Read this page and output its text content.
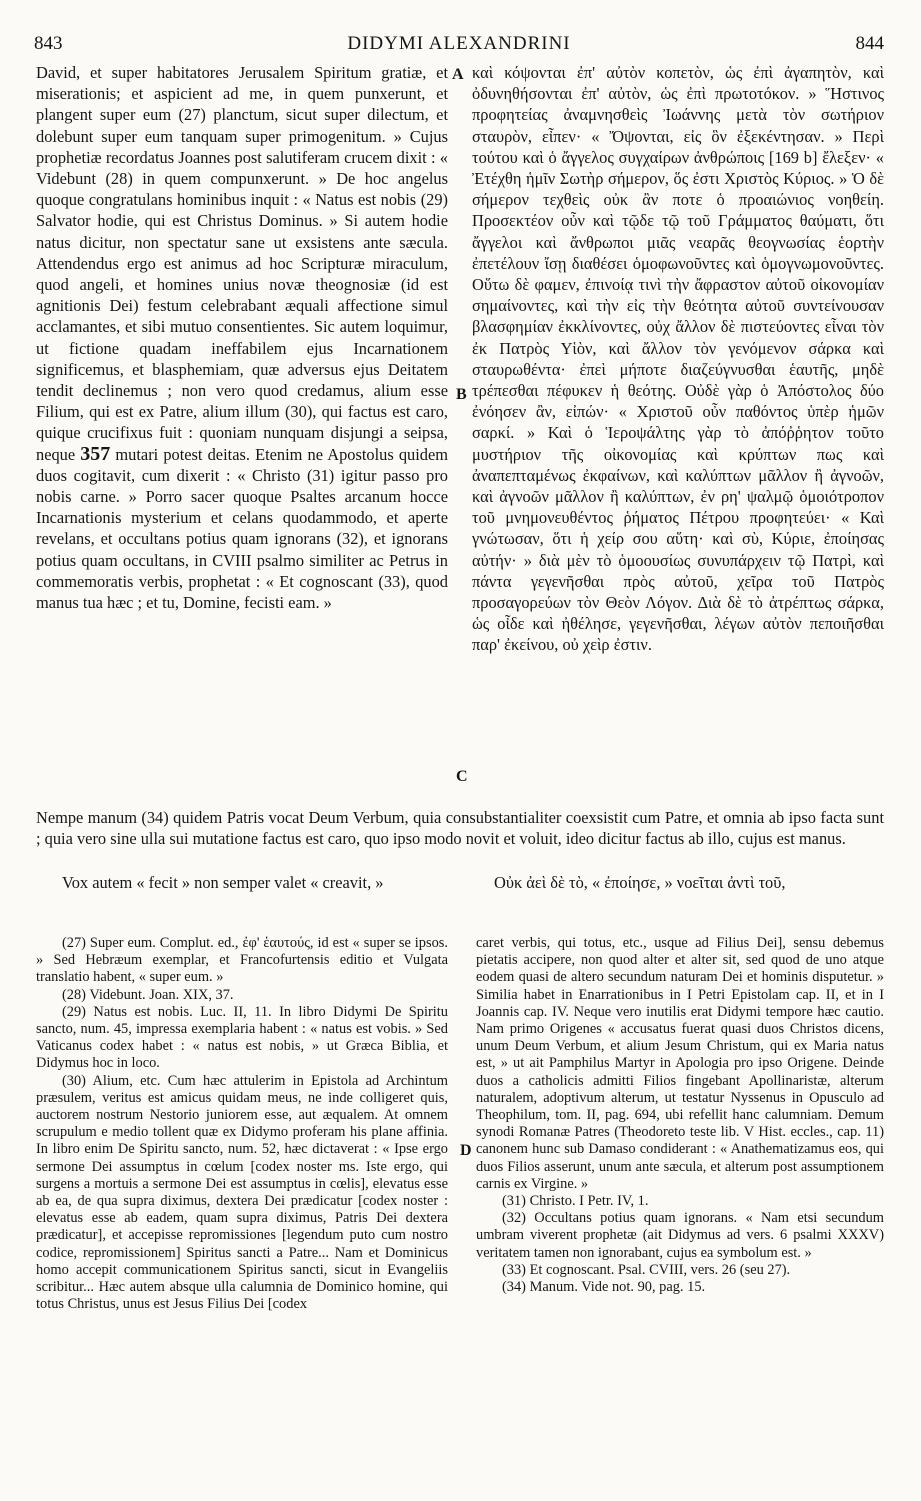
843	DIDYMI ALEXANDRINI	844

David, et super habitatores Jerusalem Spiritum gratiæ, et miserationis; et aspicient ad me, in quem punxerunt, et plangent super eum (27) planctum, sicut super dilectum, et dolebunt super eum tanquam super primogenitum. » Cujus prophetiæ recordatus Joannes post salutiferam crucem dixit : « Videbunt (28) in quem compunxerunt. » De hoc angelus quoque congratulans hominibus inquit : « Natus est nobis (29) Salvator hodie, qui est Christus Dominus. » Si autem hodie natus dicitur, non spectatur sane ut exsistens ante sæcula. Attendendus ergo est animus ad hoc Scripturæ miraculum, quod angeli, et homines unius novæ theognosiæ (id est agnitionis Dei) festum celebrabant æquali affectione simul acclamantes, et sibi mutuo consentientes. Sic autem loquimur, ut fictione quadam ineffabilem ejus Incarnationem significemus, et blasphemiam, quæ adversus ejus Deitatem tendit declinemus ; non vero quod credamus, alium esse Filium, qui est ex Patre, alium illum (30), qui factus est caro, quique crucifixus fuit : quoniam nunquam disjungi a seipsa, neque 357 mutari potest deitas. Etenim ne Apostolus quidem duos cogitavit, cum dixerit : « Christo (31) igitur passo pro nobis carne. » Porro sacer quoque Psaltes arcanum hocce Incarnationis mysterium et celans quodammodo, et aperte revelans, et occultans potius quam ignorans (32), et ignorans potius quam occultans, in CVIII psalmo similiter ac Petrus in commemoratis verbis, prophetat : « Et cognoscant (33), quod manus tua hæc ; et tu, Domine, fecisti eam. »

καὶ κόψονται ἐπ' αὐτὸν κοπετὸν, ὡς ἐπὶ ἀγαπητὸν, καὶ ὀδυνηθήσονται ἐπ' αὐτὸν, ὡς ἐπὶ πρωτοτόκον. » Ἥστινος προφητείας ἀναμνησθεὶς Ἰωάννης μετὰ τὸν σωτήριον σταυρὸν, εἶπεν· « Ὄψονται, εἰς ὃν ἐξεκέντησαν. » Περὶ τούτου καὶ ὁ ἄγγελος συγχαίρων ἀνθρώποις [169 b] ἔλεξεν· « Ἐτέχθη ἡμῖν Σωτὴρ σήμερον, ὅς ἐστι Χριστὸς Κύριος. » Ὁ δὲ σήμερον τεχθεὶς οὐκ ἂν ποτε ὁ προαιώνιος νοηθείη. Προσεκτέον οὖν καὶ τῷδε τῷ τοῦ Γράμματος θαύματι, ὅτι ἄγγελοι καὶ ἄνθρωποι μιᾶς νεαρᾶς θεογνωσίας ἑορτὴν ἐπετέλουν ἴσῃ διαθέσει ὁμοφωνοῦντες καὶ ὁμογνωμονοῦντες. Οὕτω δὲ φαμεν, ἐπινοίᾳ τινὶ τὴν ἄφραστον αὐτοῦ οἰκονομίαν σημαίνοντες, καὶ τὴν εἰς τὴν θεότητα αὐτοῦ συντείνουσαν βλασφημίαν ἐκκλίνοντες, οὐχ ἄλλον δὲ πιστεύοντες εἶναι τὸν ἐκ Πατρὸς Υἱὸν, καὶ ἄλλον τὸν γενόμενον σάρκα καὶ σταυρωθέντα· ἐπεὶ μήποτε διαζεύγνυσθαι ἑαυτῆς, μηδὲ τρέπεσθαι πέφυκεν ἡ θεότης. Οὐδὲ γὰρ ὁ Ἀπόστολος δύο ἐνόησεν ἂν, εἰπών· « Χριστοῦ οὖν παθόντος ὑπὲρ ἡμῶν σαρκί. » Καὶ ὁ Ἱεροψάλτης γὰρ τὸ ἀπόῤῥητον τοῦτο μυστήριον τῆς οἰκονομίας καὶ κρύπτων πως καὶ ἀναπεπταμένως ἐκφαίνων, καὶ καλύπτων μᾶλλον ἢ ἀγνοῶν, καὶ ἀγνοῶν μᾶλλον ἢ καλύπτων, ἐν ρη' ψαλμῷ ὁμοιότροπον τοῦ μνημονευθέντος ῥήματος Πέτρου προφητεύει· « Καὶ γνώτωσαν, ὅτι ἡ χείρ σου αὕτη· καὶ σὺ, Κύριε, ἐποίησας αὐτήν· » διὰ μὲν τὸ ὁμοουσίως συνυπάρχειν τῷ Πατρὶ, καὶ πάντα γεγενῆσθαι πρὸς αὐτοῦ, χεῖρα τοῦ Πατρὸς προσαγορεύων τὸν Θεὸν Λόγον. Διὰ δὲ τὸ ἀτρέπτως σάρκα, ὡς οἶδε καὶ ἠθέλησε, γεγενῆσθαι, λέγων αὐτὸν πεποιῆσθαι παρ' ἐκείνου, οὐ χεὶρ ἐστιν.

A
B
C
D
Nempe manum (34) quidem Patris vocat Deum Verbum, quia consubstantialiter coexsistit cum Patre, et omnia ab ipso facta sunt ; quia vero sine ulla sui mutatione factus est caro, quo ipso modo novit et voluit, ideo dicitur factus ab illo, cujus est manus.
Vox autem « fecit » non semper valet « creavit, »	Οὐκ ἀεὶ δὲ τὸ, « ἐποίησε, » νοεῖται ἀντὶ τοῦ,

(27) Super eum. Complut. ed., ἐφ' ἑαυτούς, id est « super se ipsos. » Sed Hebræum exemplar, et Francofurtensis editio et Vulgata translatio habent, « super eum. »

(28) Videbunt. Joan. XIX, 37.

(29) Natus est nobis. Luc. II, 11. In libro Didymi De Spiritu sancto, num. 45, impressa exemplaria habent : « natus est vobis. » Sed Vaticanus codex habet : « natus est nobis, » ut Græca Biblia, et Didymus hoc in loco.

(30) Alium, etc. Cum hæc attulerim in Epistola ad Archintum præsulem, veritus est amicus quidam meus, ne inde colligeret quis, auctorem nostrum Nestorio juniorem esse, aut æqualem. At omnem scrupulum e medio tollent quæ ex Didymo proferam his plane affinia. In libro enim De Spiritu sancto, num. 52, hæc dictaverat : « Ipse ergo sermone Dei assumptus in cœlum [codex noster ms. Iste ergo, qui surgens a mortuis a sermone Dei est assumptus in cœlis], elevatus esse ab ea, de qua supra diximus, dextera Dei prædicatur [codex noster : elevatus esse ab eadem, quam supra diximus, Patris Dei dextera prædicatur], et accepisse repromissiones [legendum puto cum nostro codice, repromissionem] Spiritus sancti a Patre... Nam et Dominicus homo accepit communicationem Spiritus sancti, sicut in Evangeliis scribitur... Hæc autem absque ulla calumnia de Dominico homine, qui totus Christus, unus est Jesus Filius Dei [codex

caret verbis, qui totus, etc., usque ad Filius Dei], sensu debemus pietatis accipere, non quod alter et alter sit, sed quod de uno atque eodem quasi de altero secundum naturam Dei et hominis disputetur. » Similia habet in Enarrationibus in I Petri Epistolam cap. II, et in I Joannis cap. IV. Neque vero inutilis erat Didymi tempore hæc cautio. Nam primo Origenes « accusatus fuerat quasi duos Christos dicens, unum Deum Verbum, et alium Jesum Christum, qui ex Maria natus est, » ut ait Pamphilus Martyr in Apologia pro ipso Origene. Deinde duos a catholicis admitti Filios fingebant Apollinaristæ, alterum naturalem, adoptivum alterum, ut testatur Nyssenus in Opusculo ad Theophilum, tom. II, pag. 694, ubi refellit hanc calumniam. Demum synodi Romanæ Patres (Theodoreto teste lib. V Hist. eccles., cap. 11) canonem hunc sub Damaso condiderant : « Anathematizamus eos, qui duos Filios asserunt, unum ante sæcula, et alterum post assumptionem carnis ex Virgine. »

(31) Christo. I Petr. IV, 1.

(32) Occultans potius quam ignorans. « Nam etsi secundum umbram viverent prophetæ (ait Didymus ad vers. 6 psalmi XXXV) veritatem tamen non ignorabant, cujus ea symbolum est. »

(33) Et cognoscant. Psal. CVIII, vers. 26 (seu 27).

(34) Manum. Vide not. 90, pag. 15.
